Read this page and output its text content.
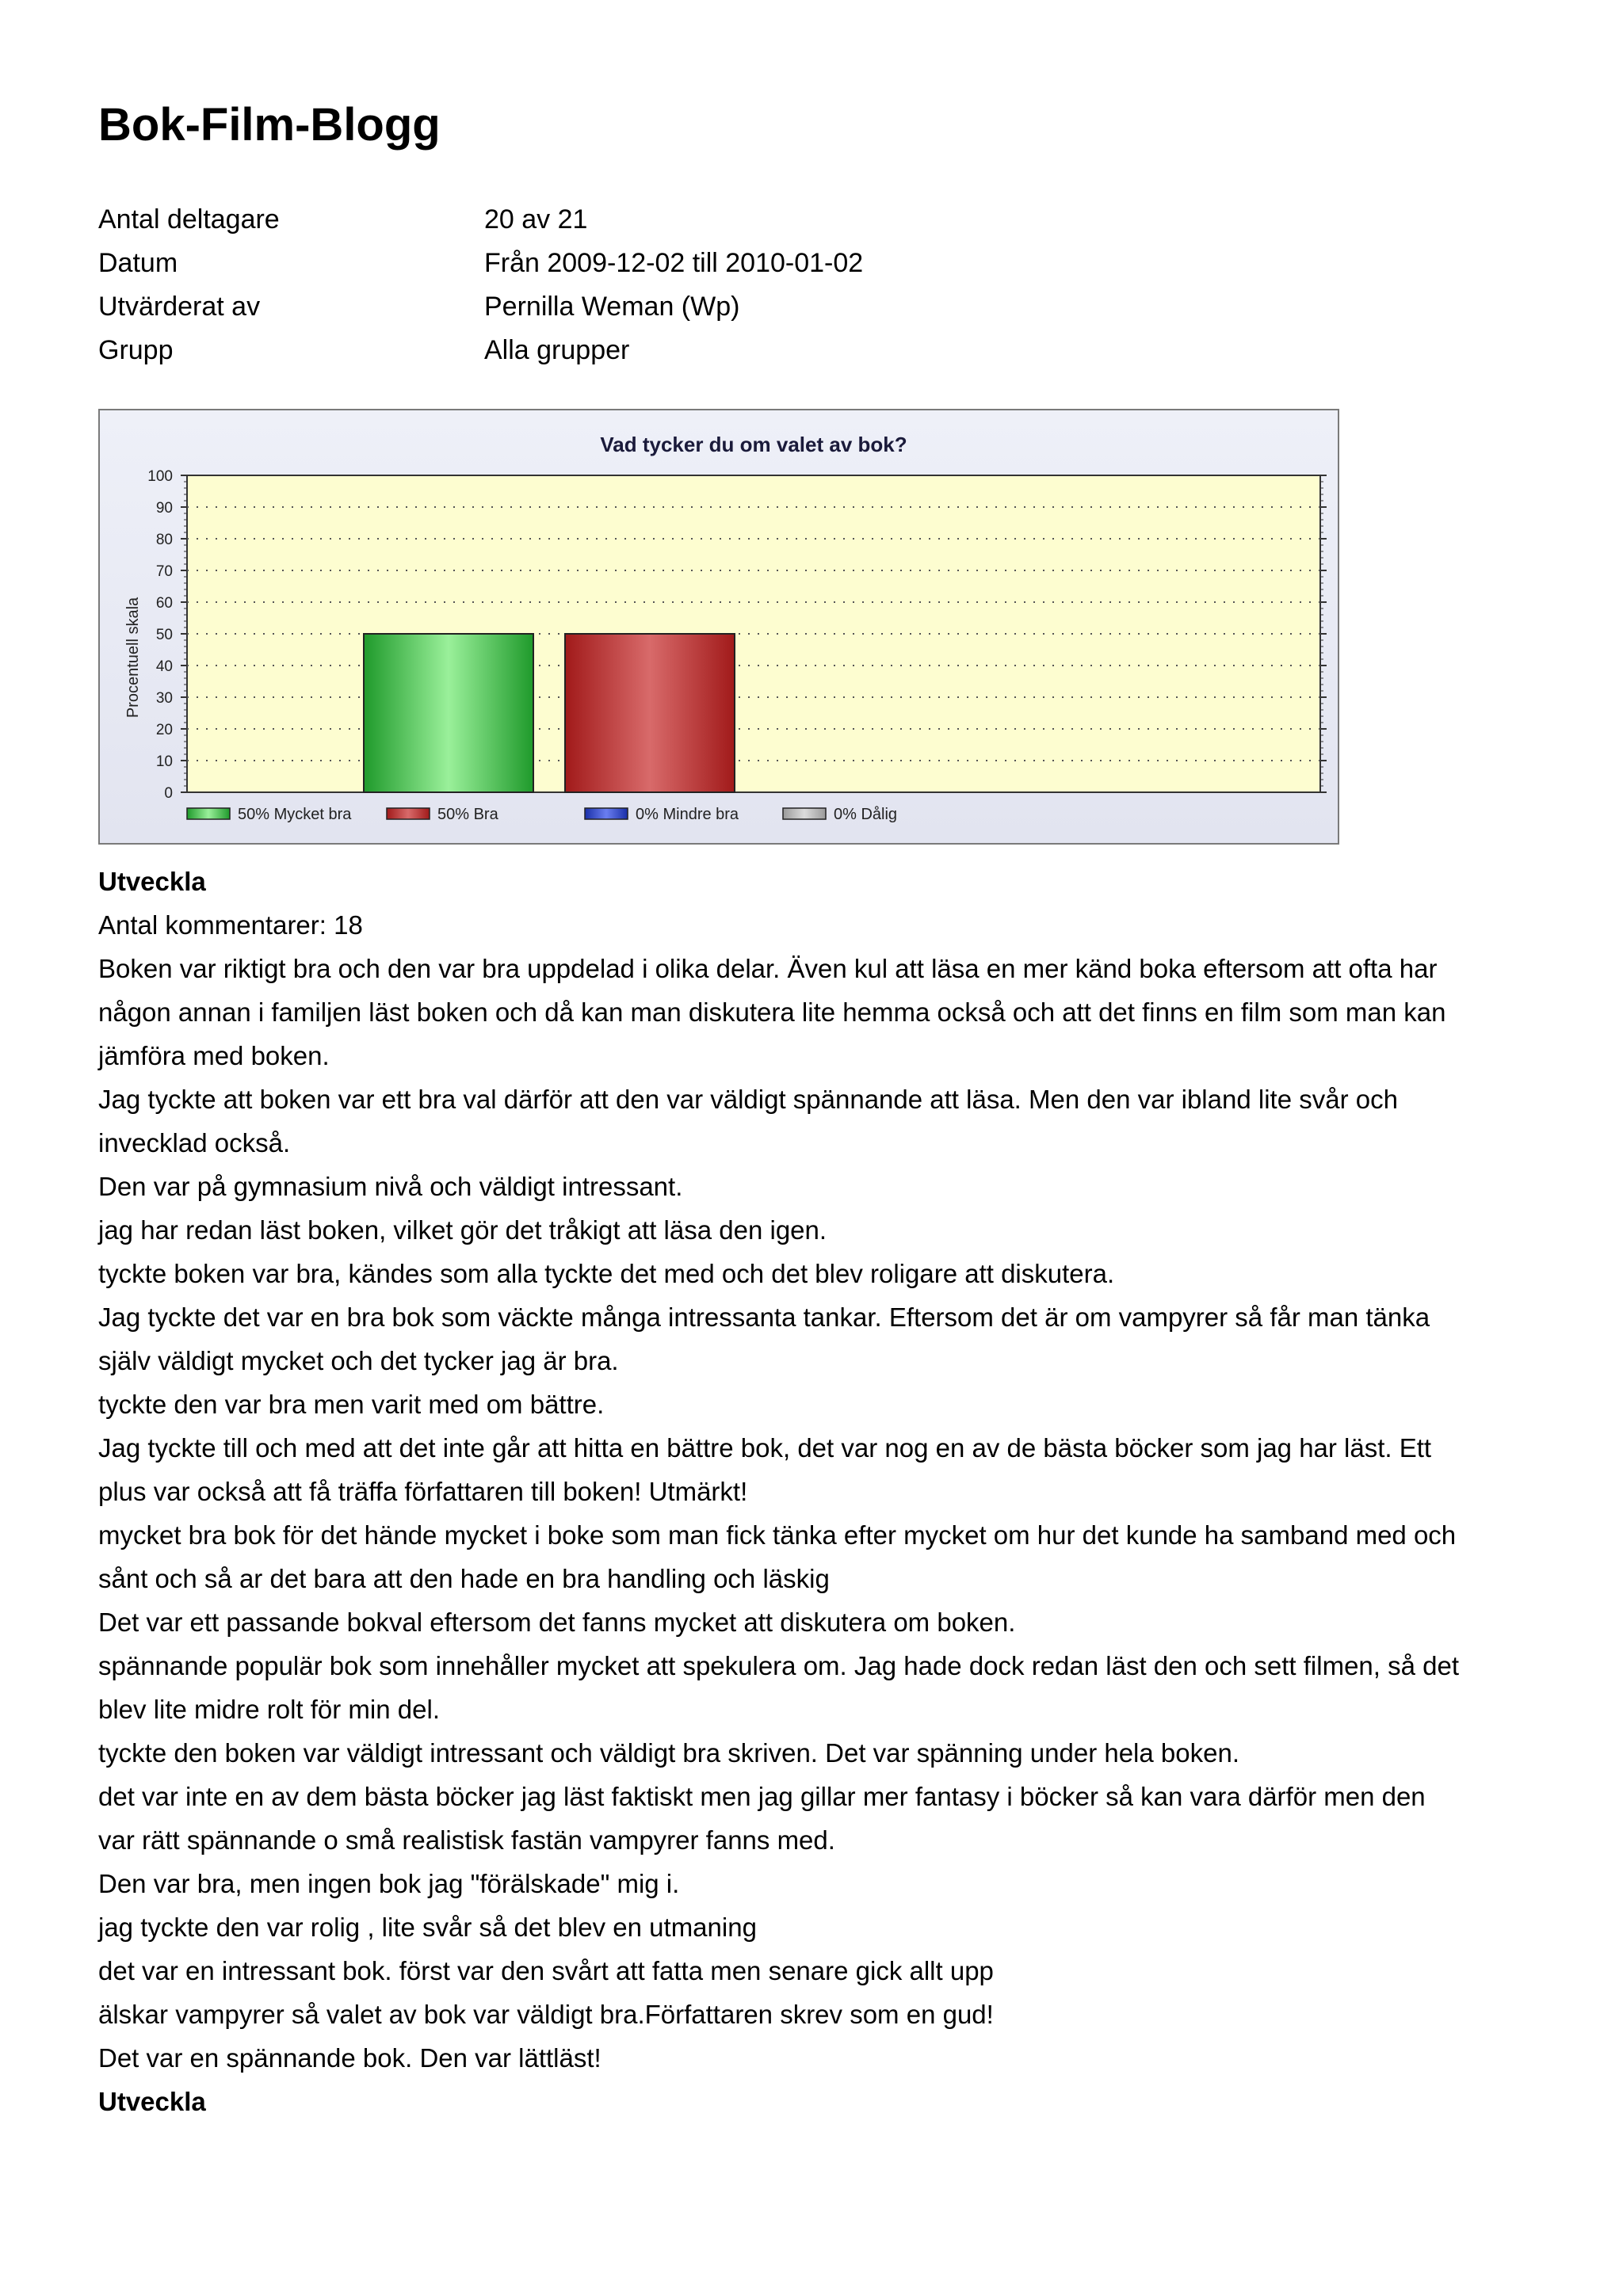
Bok-Film-Blogg
Antal deltagare	20 av 21
Datum	Från 2009-12-02 till 2010-01-02
Utvärderat av	Pernilla Weman (Wp)
Grupp	Alla grupper
Vad tycker du om valet av bok?
0
10
20
30
40
50
60
70
80
90
100
Procentuell skala
50% Mycket bra	50% Bra	0% Mindre bra	0% Dålig
Utveckla
Antal kommentarer: 18
Boken var riktigt bra och den var bra uppdelad i olika delar. Även kul att läsa en mer känd boka eftersom att ofta har
någon annan i familjen läst boken och då kan man diskutera lite hemma också och att det finns en film som man kan
jämföra med boken.
Jag tyckte att boken var ett bra val därför att den var väldigt spännande att läsa. Men den var ibland lite svår och
invecklad också.
Den var på gymnasium nivå och väldigt intressant.
jag har redan läst boken, vilket gör det tråkigt att läsa den igen.
tyckte boken var bra, kändes som alla tyckte det med och det blev roligare att diskutera.
Jag tyckte det var en bra bok som väckte många intressanta tankar. Eftersom det är om vampyrer så får man tänka
själv väldigt mycket och det tycker jag är bra.
tyckte den var bra men varit med om bättre.
Jag tyckte till och med att det inte går att hitta en bättre bok, det var nog en av de bästa böcker som jag har läst. Ett
plus var också att få träffa författaren till boken! Utmärkt!
mycket bra bok för det hände mycket i boke som man fick tänka efter mycket om hur det kunde ha samband med och
sånt och så ar det bara att den hade en bra handling och läskig
Det var ett passande bokval eftersom det fanns mycket att diskutera om boken.
spännande populär bok som innehåller mycket att spekulera om. Jag hade dock redan läst den och sett filmen, så det
blev lite midre rolt för min del.
tyckte den boken var väldigt intressant och väldigt bra skriven. Det var spänning under hela boken.
det var inte en av dem bästa böcker jag läst faktiskt men jag gillar mer fantasy i böcker så kan vara därför men den
var rätt spännande o små realistisk fastän vampyrer fanns med.
Den var bra, men ingen bok jag "förälskade" mig i.
jag tyckte den var rolig , lite svår så det blev en utmaning
det var en intressant bok. först var den svårt att fatta men senare gick allt upp
älskar vampyrer så valet av bok var väldigt bra.Författaren skrev som en gud!
Det var en spännande bok. Den var lättläst!
Utveckla
